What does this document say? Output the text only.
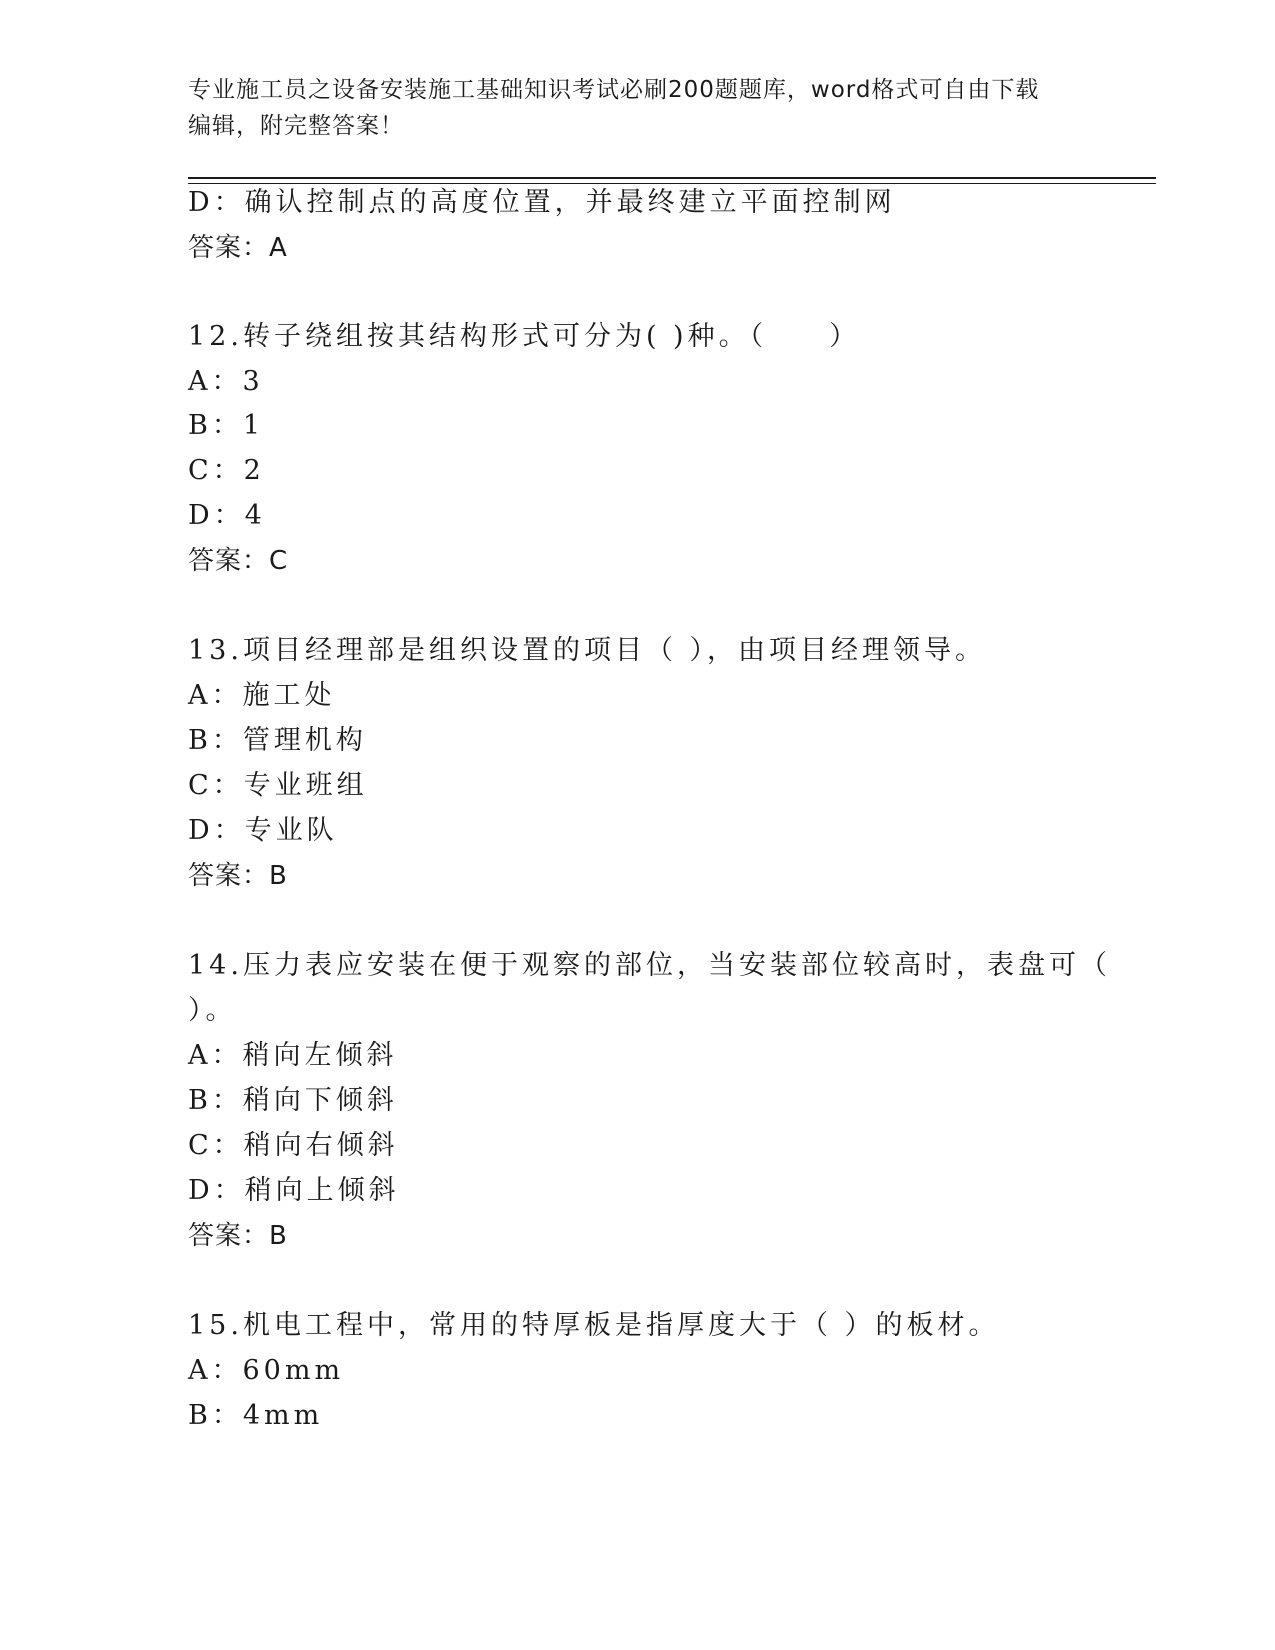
专业施工员之设备安装施工基础知识考试必刷200题题库，word格式可自由下载
编辑，附完整答案！
D：确认控制点的高度位置，并最终建立平面控制网
答案：A
12.转子绕组按其结构形式可分为( )种。（　　）
A：3
B：1
C：2
D：4
答案：C
13.项目经理部是组织设置的项目（ ），由项目经理领导。
A：施工处
B：管理机构
C：专业班组
D：专业队
答案：B
14.压力表应安装在便于观察的部位，当安装部位较高时，表盘可（
）。
A：稍向左倾斜
B：稍向下倾斜
C：稍向右倾斜
D：稍向上倾斜
答案：B
15.机电工程中，常用的特厚板是指厚度大于（ ）的板材。
A：60mm
B：4mm
